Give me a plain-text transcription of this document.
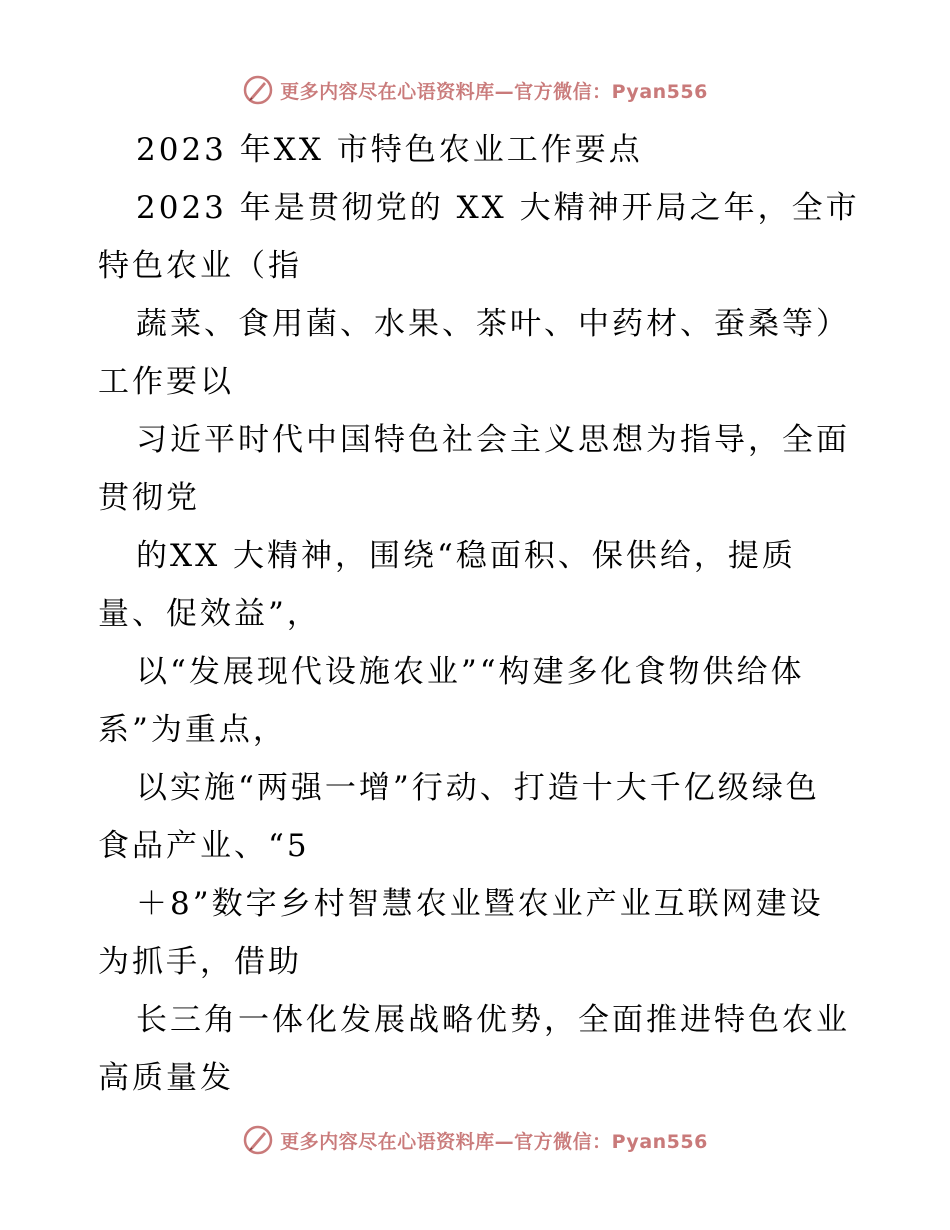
更多内容尽在心语资料库—官方微信：Pyan556
2023 年XX 市特色农业工作要点
2023 年是贯彻党的 XX 大精神开局之年，全市
特色农业（指
蔬菜、食用菌、水果、茶叶、中药材、蚕桑等）
工作要以
习近平时代中国特色社会主义思想为指导，全面
贯彻党
的XX 大精神，围绕“稳面积、保供给，提质
量、促效益”，
以“发展现代设施农业”“构建多化食物供给体
系”为重点，
以实施“两强一增”行动、打造十大千亿级绿色
食品产业、“5
＋8”数字乡村智慧农业暨农业产业互联网建设
为抓手，借助
长三角一体化发展战略优势，全面推进特色农业
高质量发
更多内容尽在心语资料库—官方微信：Pyan556
